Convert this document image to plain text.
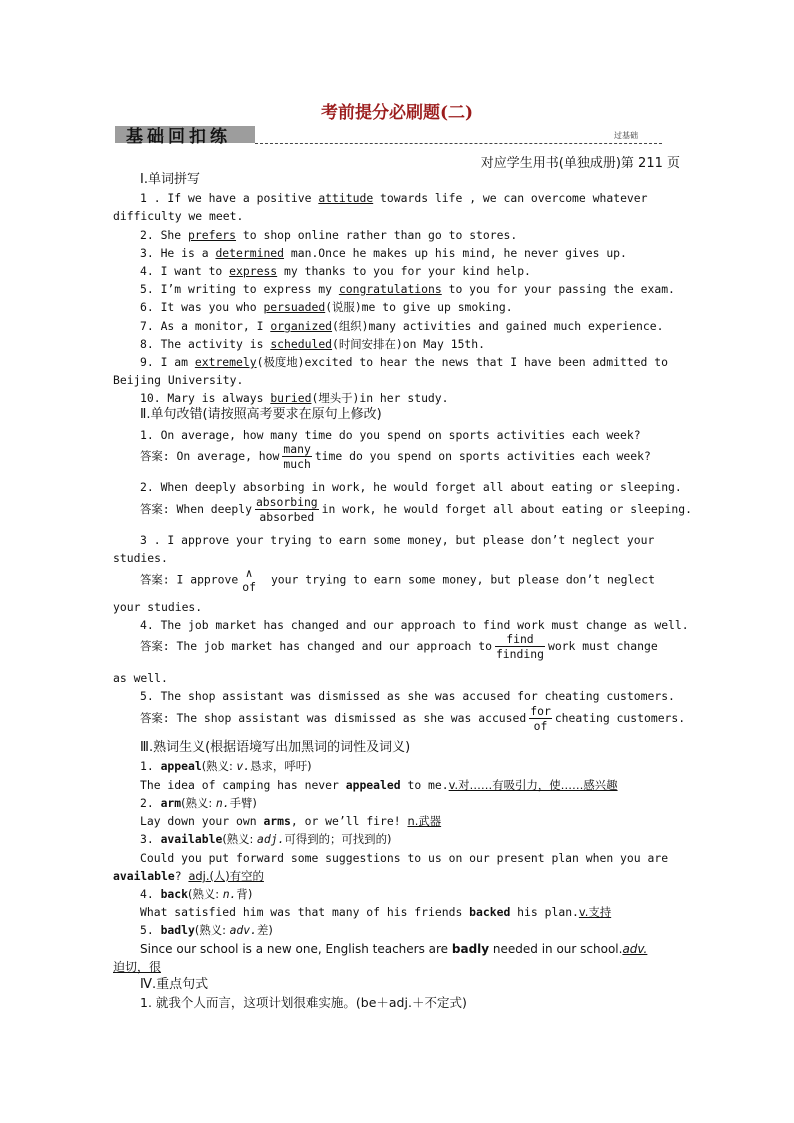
考前提分必刷题(二)
基础回扣练	过基础
对应学生用书(单独成册)第 211 页
Ⅰ.单词拼写
1 . If we have a positive attitude towards life , we can overcome whatever
difficulty we meet.
2. She prefers to shop online rather than go to stores.
3. He is a determined man.Once he makes up his mind, he never gives up.
4. I want to express my thanks to you for your kind help.
5. I’m writing to express my congratulations to you for your passing the exam.
6. It was you who persuaded(说服)me to give up smoking.
7. As a monitor, I organized(组织)many activities and gained much experience.
8. The activity is scheduled(时间安排在)on May 15th.
9. I am extremely(极度地)excited to hear the news that I have been admitted to
Beijing University.
10. Mary is always buried(埋头于)in her study.
Ⅱ.单句改错(请按照高考要求在原句上修改)
1. On average, how many time do you spend on sports activities each week?
答案: On average, how $\frac{\text{many}}{\text{much}}$ time do you spend on sports activities each week?
2. When deeply absorbing in work, he would forget all about eating or sleeping.
答案: When deeply $\frac{\text{absorbing}}{\text{absorbed}}$ in work, he would forget all about eating or sleeping.
3 . I approve your trying to earn some money, but please don’t neglect your
studies.
答案: I approve ∧
of
your trying to earn some money, but please don’t neglect
your studies.
4. The job market has changed and our approach to find work must change as well.
答案: The job market has changed and our approach to $\frac{\text{find}}{\text{finding}}$ work must change
as well.
5. The shop assistant was dismissed as she was accused for cheating customers.
答案: The shop assistant was dismissed as she was accused $\frac{\text{for}}{of}$ cheating customers.
Ⅲ.熟词生义(根据语境写出加黑词的词性及词义)
1. appeal(熟义: v.恳求，呼吁)
The idea of camping has never appealed to me.v.对……有吸引力，使……感兴趣
2. arm(熟义: n.手臂)
Lay down your own arms, or we’ll fire! n.武器
3. available(熟义: adj.可得到的；可找到的)
Could you put forward some suggestions to us on our present plan when you are
available? adj.(人)有空的
4. back(熟义: n.背)
What satisfied him was that many of his friends backed his plan.v.支持
5. badly(熟义: adv.差)
Since our school is a new one, English teachers are badly needed in our school.adv.
迫切，很
Ⅳ.重点句式
1. 就我个人而言，这项计划很难实施。(be＋adj.＋不定式)
